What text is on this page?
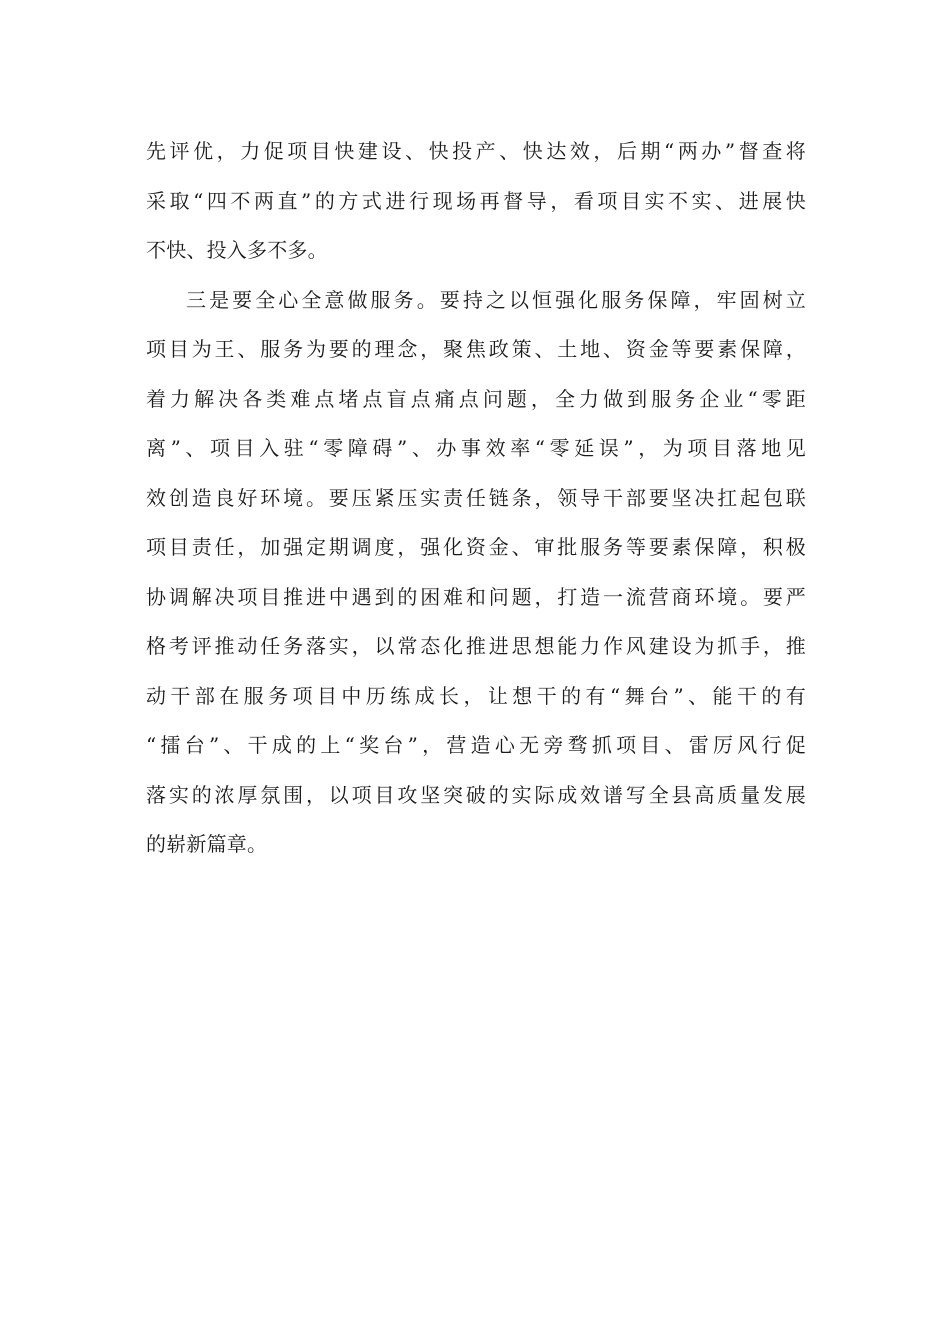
先评优，力促项目快建设、快投产、快达效，后期“两办”督查将
采取“四不两直”的方式进行现场再督导，看项目实不实、进展快
不快、投入多不多。
三是要全心全意做服务。要持之以恒强化服务保障，牢固树立
项目为王、服务为要的理念，聚焦政策、土地、资金等要素保障，
着力解决各类难点堵点盲点痛点问题，全力做到服务企业“零距
离”、项目入驻“零障碍”、办事效率“零延误”，为项目落地见
效创造良好环境。要压紧压实责任链条，领导干部要坚决扛起包联
项目责任，加强定期调度，强化资金、审批服务等要素保障，积极
协调解决项目推进中遇到的困难和问题，打造一流营商环境。要严
格考评推动任务落实，以常态化推进思想能力作风建设为抓手，推
动干部在服务项目中历练成长，让想干的有“舞台”、能干的有
“擂台”、干成的上“奖台”，营造心无旁骛抓项目、雷厉风行促
落实的浓厚氛围，以项目攻坚突破的实际成效谱写全县高质量发展
的崭新篇章。
